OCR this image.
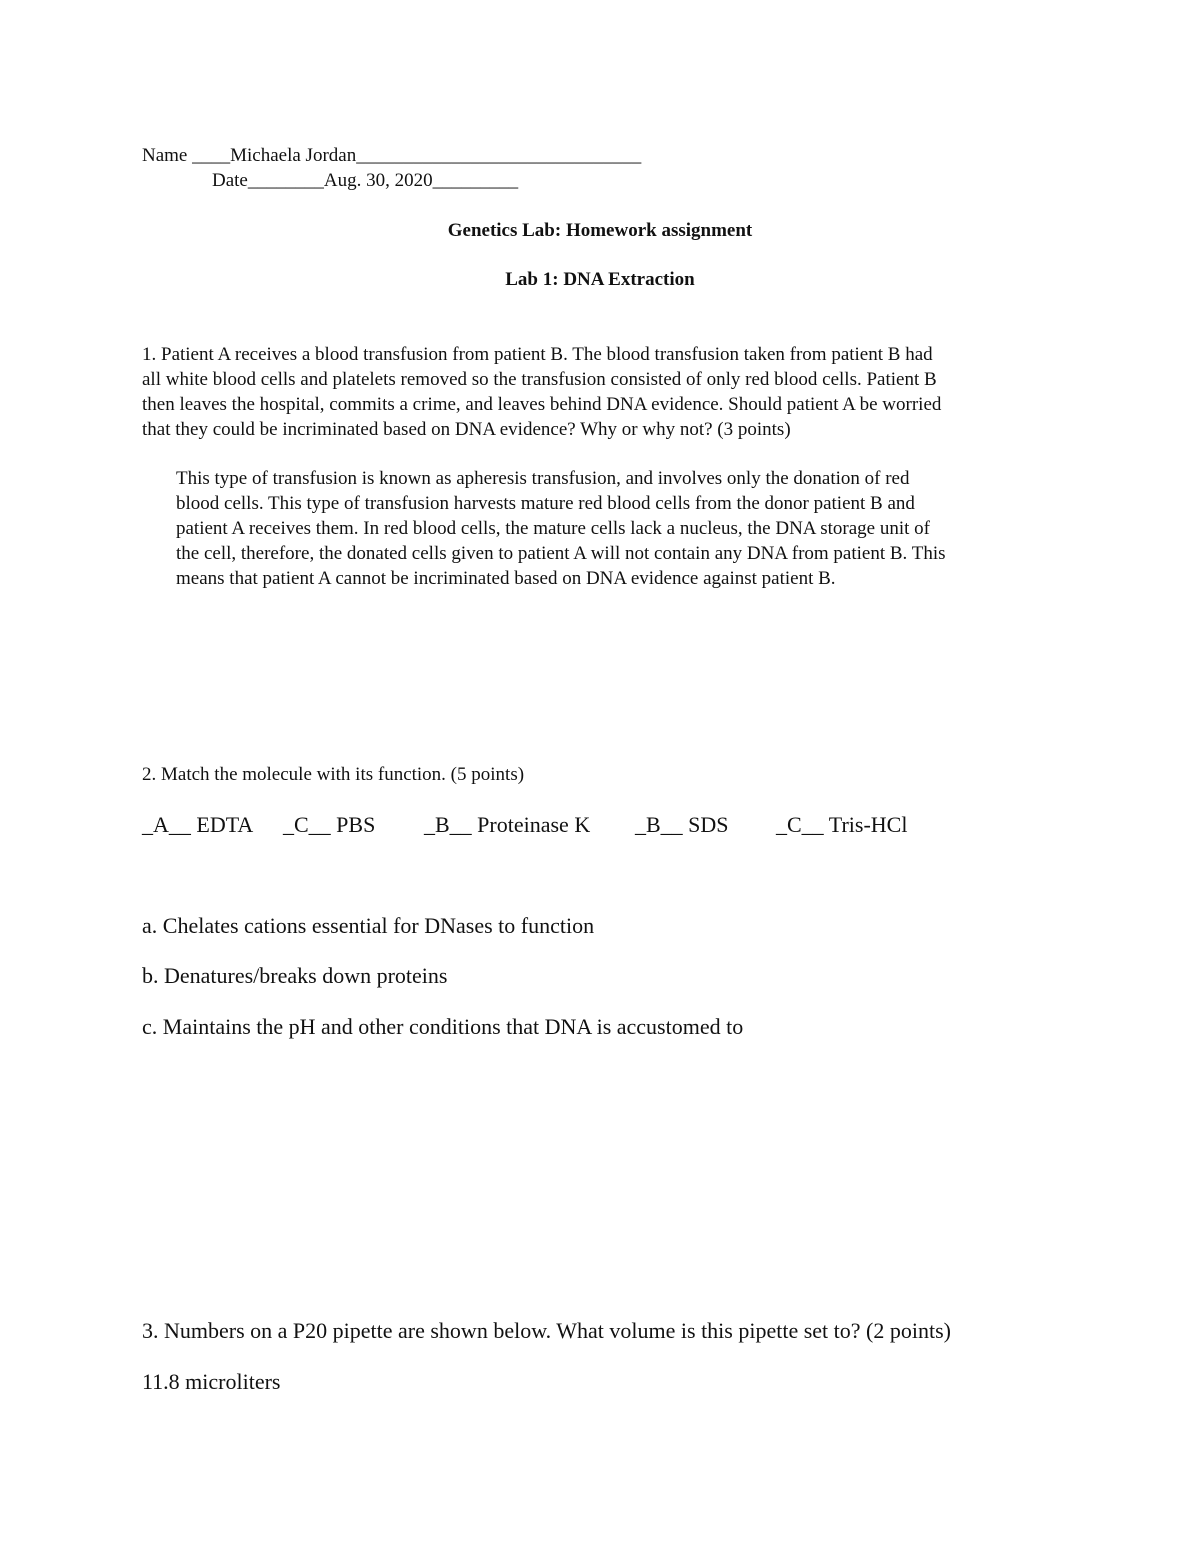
Name ____Michaela Jordan______________________________
Date________Aug. 30, 2020_________
Genetics Lab: Homework assignment
Lab 1: DNA Extraction
1. Patient A receives a blood transfusion from patient B. The blood transfusion taken from patient B had
all white blood cells and platelets removed so the transfusion consisted of only red blood cells. Patient B
then leaves the hospital, commits a crime, and leaves behind DNA evidence. Should patient A be worried
that they could be incriminated based on DNA evidence? Why or why not? (3 points)
This type of transfusion is known as apheresis transfusion, and involves only the donation of red
blood cells. This type of transfusion harvests mature red blood cells from the donor patient B and
patient A receives them. In red blood cells, the mature cells lack a nucleus, the DNA storage unit of
the cell, therefore, the donated cells given to patient A will not contain any DNA from patient B. This
means that patient A cannot be incriminated based on DNA evidence against patient B.
2. Match the molecule with its function. (5 points)
_A__ EDTA _C__ PBS _B__ Proteinase K _B__ SDS _C__ Tris-HCl
a. Chelates cations essential for DNases to function
b. Denatures/breaks down proteins
c. Maintains the pH and other conditions that DNA is accustomed to
3. Numbers on a P20 pipette are shown below. What volume is this pipette set to? (2 points)
11.8 microliters
